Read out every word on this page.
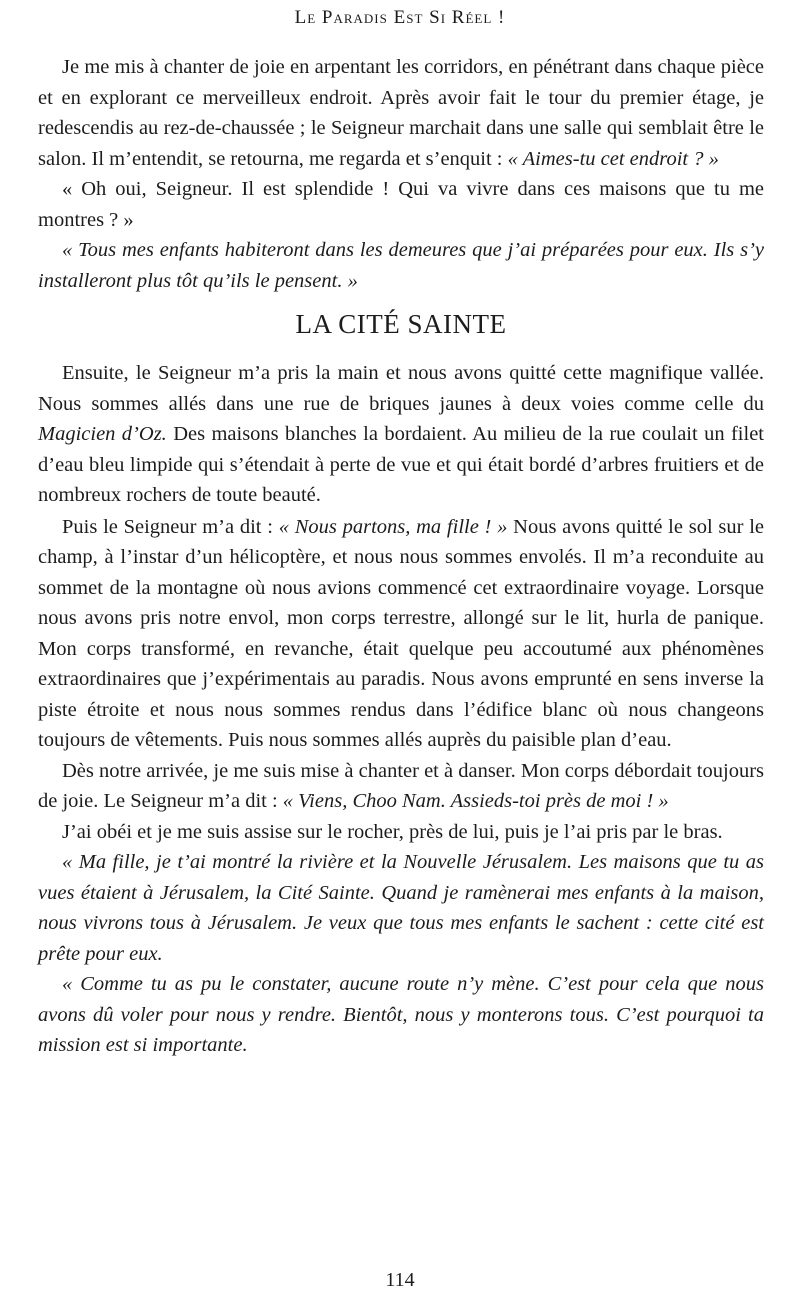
Le Paradis Est Si Réel !

Je me mis à chanter de joie en arpentant les corridors, en pénétrant dans chaque pièce et en explorant ce merveilleux endroit. Après avoir fait le tour du premier étage, je redescendis au rez-de-chaussée ; le Seigneur marchait dans une salle qui semblait être le salon. Il m’entendit, se retourna, me regarda et s’enquit : « Aimes-tu cet endroit ? »

« Oh oui, Seigneur. Il est splendide ! Qui va vivre dans ces maisons que tu me montres ? »

« Tous mes enfants habiteront dans les demeures que j’ai préparées pour eux. Ils s’y installeront plus tôt qu’ils le pensent. »

LA CITÉ SAINTE

Ensuite, le Seigneur m’a pris la main et nous avons quitté cette magnifique vallée. Nous sommes allés dans une rue de briques jaunes à deux voies comme celle du Magicien d’Oz. Des maisons blanches la bordaient. Au milieu de la rue coulait un filet d’eau bleu limpide qui s’étendait à perte de vue et qui était bordé d’arbres fruitiers et de nombreux rochers de toute beauté.

Puis le Seigneur m’a dit : « Nous partons, ma fille ! » Nous avons quitté le sol sur le champ, à l’instar d’un hélicoptère, et nous nous sommes envolés. Il m’a reconduite au sommet de la montagne où nous avions commencé cet extraordinaire voyage. Lorsque nous avons pris notre envol, mon corps terrestre, allongé sur le lit, hurla de panique. Mon corps transformé, en revanche, était quelque peu accoutumé aux phénomènes extraordinaires que j’expérimentais au paradis. Nous avons emprunté en sens inverse la piste étroite et nous nous sommes rendus dans l’édifice blanc où nous changeons toujours de vêtements. Puis nous sommes allés auprès du paisible plan d’eau.

Dès notre arrivée, je me suis mise à chanter et à danser. Mon corps débordait toujours de joie. Le Seigneur m’a dit : « Viens, Choo Nam. Assieds-toi près de moi ! »

J’ai obéi et je me suis assise sur le rocher, près de lui, puis je l’ai pris par le bras.

« Ma fille, je t’ai montré la rivière et la Nouvelle Jérusalem. Les maisons que tu as vues étaient à Jérusalem, la Cité Sainte. Quand je ramènerai mes enfants à la maison, nous vivrons tous à Jérusalem. Je veux que tous mes enfants le sachent : cette cité est prête pour eux.

« Comme tu as pu le constater, aucune route n’y mène. C’est pour cela que nous avons dû voler pour nous y rendre. Bientôt, nous y monterons tous. C’est pourquoi ta mission est si importante.

114
